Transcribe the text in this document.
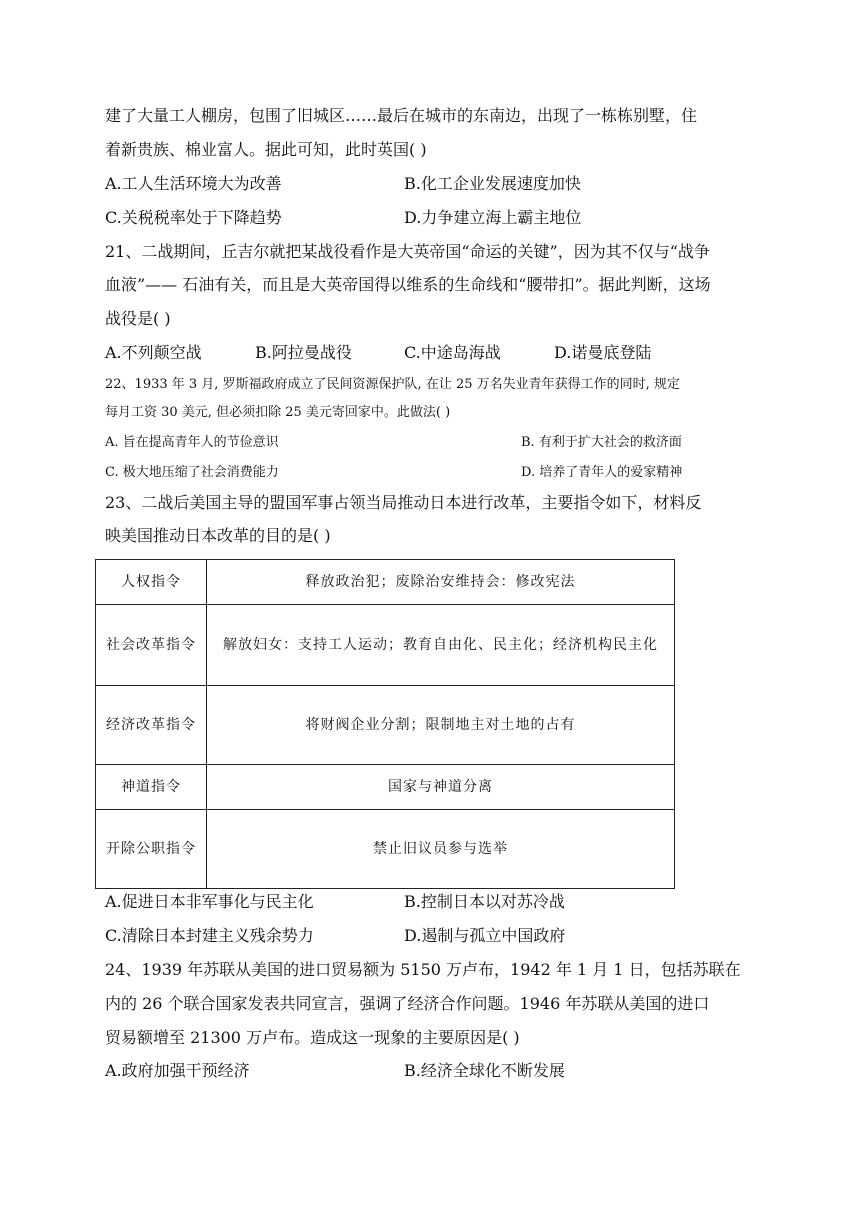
建了大量工人棚房，包围了旧城区……最后在城市的东南边，出现了一栋栋别墅，住
着新贵族、棉业富人。据此可知，此时英国( )
A.工人生活环境大为改善	B.化工企业发展速度加快
C.关税税率处于下降趋势	D.力争建立海上霸主地位
21、二战期间，丘吉尔就把某战役看作是大英帝国“命运的关键”，因为其不仅与“战争
血液”—— 石油有关，而且是大英帝国得以维系的生命线和“腰带扣”。据此判断，这场
战役是( )
A.不列颠空战	B.阿拉曼战役	C.中途岛海战	D.诺曼底登陆
22、1933 年 3 月, 罗斯福政府成立了民间资源保护队, 在让 25 万名失业青年获得工作的同时, 规定
每月工资 30 美元, 但必须扣除 25 美元寄回家中。此做法( )
A. 旨在提高青年人的节俭意识	B. 有利于扩大社会的救济面
C. 极大地压缩了社会消费能力	D. 培养了青年人的爱家精神
23、二战后美国主导的盟国军事占领当局推动日本进行改革，主要指令如下，材料反
映美国推动日本改革的目的是( )
人权指令	释放政治犯；废除治安维持会：修改宪法
社会改革指令	解放妇女：支持工人运动；教育自由化、民主化；经济机构民主化
经济改革指令	将财阀企业分割；限制地主对土地的占有
神道指令	国家与神道分离
开除公职指令	禁止旧议员参与选举
A.促进日本非军事化与民主化	B.控制日本以对苏冷战
C.清除日本封建主义残余势力	D.遏制与孤立中国政府
24、1939 年苏联从美国的进口贸易额为 5150 万卢布，1942 年 1 月 1 日，包括苏联在
内的 26 个联合国家发表共同宣言，强调了经济合作问题。1946 年苏联从美国的进口
贸易额增至 21300 万卢布。造成这一现象的主要原因是( )
A.政府加强干预经济	B.经济全球化不断发展
